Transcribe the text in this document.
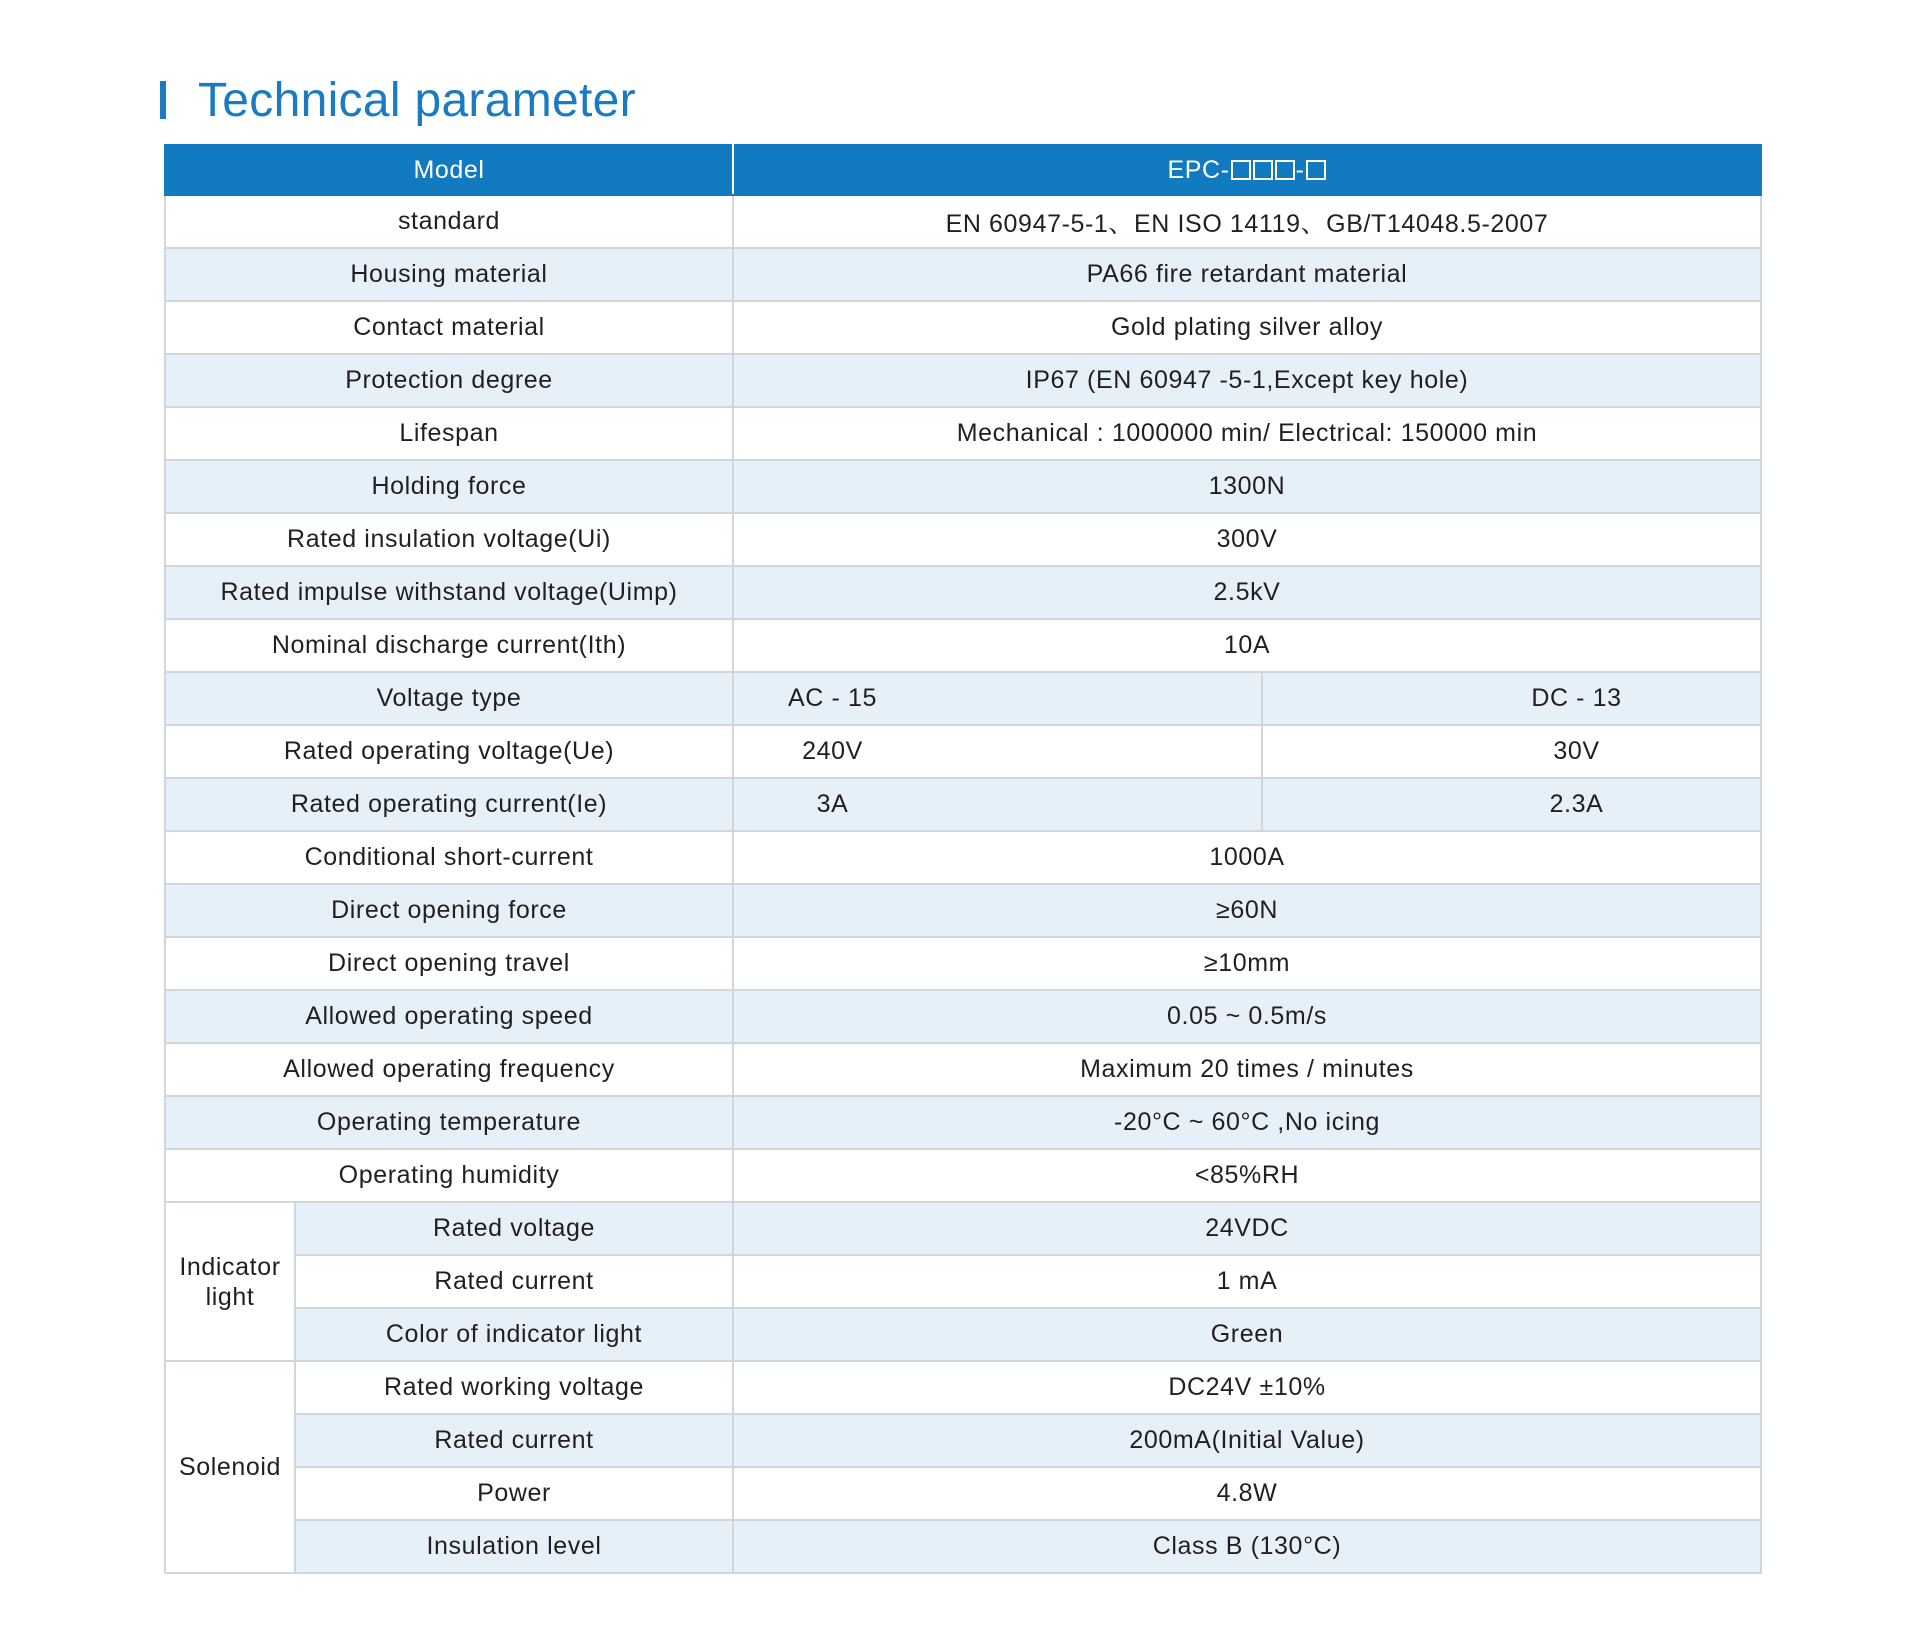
Technical parameter
Model		EPC- -	
standard		EN 60947-5-1、EN ISO 14119、GB/T14048.5-2007	
Housing material		PA66 fire retardant material	
Contact material		Gold plating silver alloy	
Protection degree		IP67 (EN 60947 -5-1,Except key hole)	
Lifespan		Mechanical : 1000000 min/ Electrical: 150000 min	
Holding force		1300N	
Rated insulation voltage(Ui)		300V	
Rated impulse withstand voltage(Uimp)		2.5kV	
Nominal discharge current(Ith)		10A	
Voltage type		AC - 15	DC - 13
Rated operating voltage(Ue)		240V	30V
Rated operating current(Ie)		3A	2.3A
Conditional short-current		1000A	
Direct opening force		≥60N	
Direct opening travel		≥10mm	
Allowed operating speed		0.05 ~ 0.5m/s	
Allowed operating frequency		Maximum 20 times / minutes	
Operating temperature		-20°C ~ 60°C ,No icing	
Operating humidity		<85%RH	
Indicator light	Rated voltage	24VDC	
	Rated current	1 mA	
	Color of indicator light	Green	
Solenoid	Rated working voltage	DC24V ±10%	
	Rated current	200mA(Initial Value)	
	Power	4.8W	
	Insulation level	Class B (130°C)	
